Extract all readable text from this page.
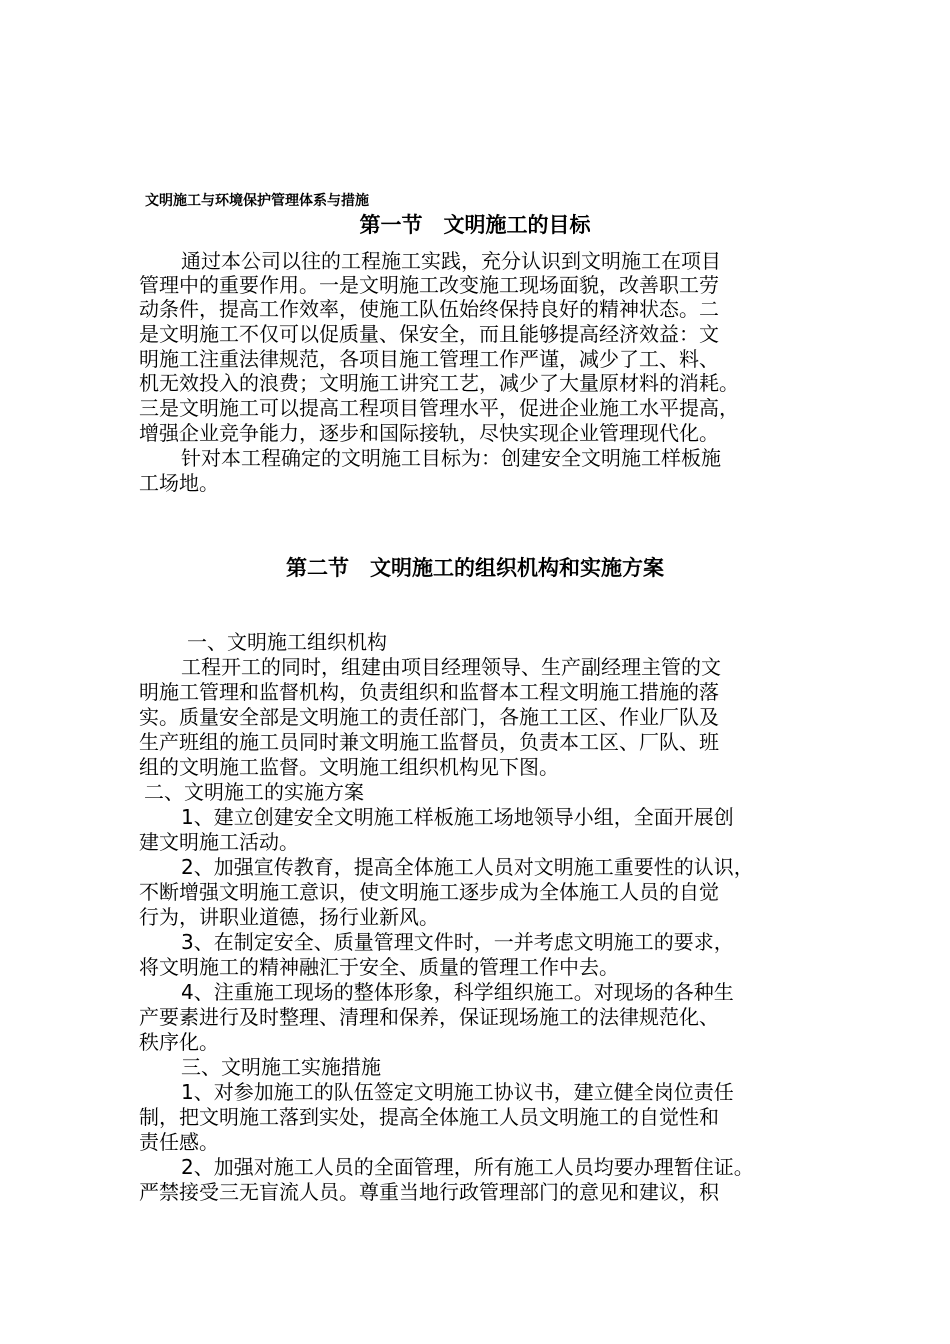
文明施工与环境保护管理体系与措施
第一节　文明施工的目标
通过本公司以往的工程施工实践，充分认识到文明施工在项目
管理中的重要作用。一是文明施工改变施工现场面貌，改善职工劳
动条件，提高工作效率，使施工队伍始终保持良好的精神状态。二
是文明施工不仅可以促质量、保安全，而且能够提高经济效益：文
明施工注重法律规范，各项目施工管理工作严谨，减少了工、料、
机无效投入的浪费；文明施工讲究工艺，减少了大量原材料的消耗。
三是文明施工可以提高工程项目管理水平，促进企业施工水平提高，
增强企业竞争能力，逐步和国际接轨，尽快实现企业管理现代化。
针对本工程确定的文明施工目标为：创建安全文明施工样板施
工场地。
第二节　文明施工的组织机构和实施方案
一、文明施工组织机构
工程开工的同时，组建由项目经理领导、生产副经理主管的文
明施工管理和监督机构，负责组织和监督本工程文明施工措施的落
实。质量安全部是文明施工的责任部门，各施工工区、作业厂队及
生产班组的施工员同时兼文明施工监督员，负责本工区、厂队、班
组的文明施工监督。文明施工组织机构见下图。
二、文明施工的实施方案
1、建立创建安全文明施工样板施工场地领导小组，全面开展创
建文明施工活动。
2、加强宣传教育，提高全体施工人员对文明施工重要性的认识，
不断增强文明施工意识，使文明施工逐步成为全体施工人员的自觉
行为，讲职业道德，扬行业新风。
3、在制定安全、质量管理文件时，一并考虑文明施工的要求，
将文明施工的精神融汇于安全、质量的管理工作中去。
4、注重施工现场的整体形象，科学组织施工。对现场的各种生
产要素进行及时整理、清理和保养，保证现场施工的法律规范化、
秩序化。
三、文明施工实施措施
1、对参加施工的队伍签定文明施工协议书，建立健全岗位责任
制，把文明施工落到实处，提高全体施工人员文明施工的自觉性和
责任感。
2、加强对施工人员的全面管理，所有施工人员均要办理暂住证。
严禁接受三无盲流人员。尊重当地行政管理部门的意见和建议，积
